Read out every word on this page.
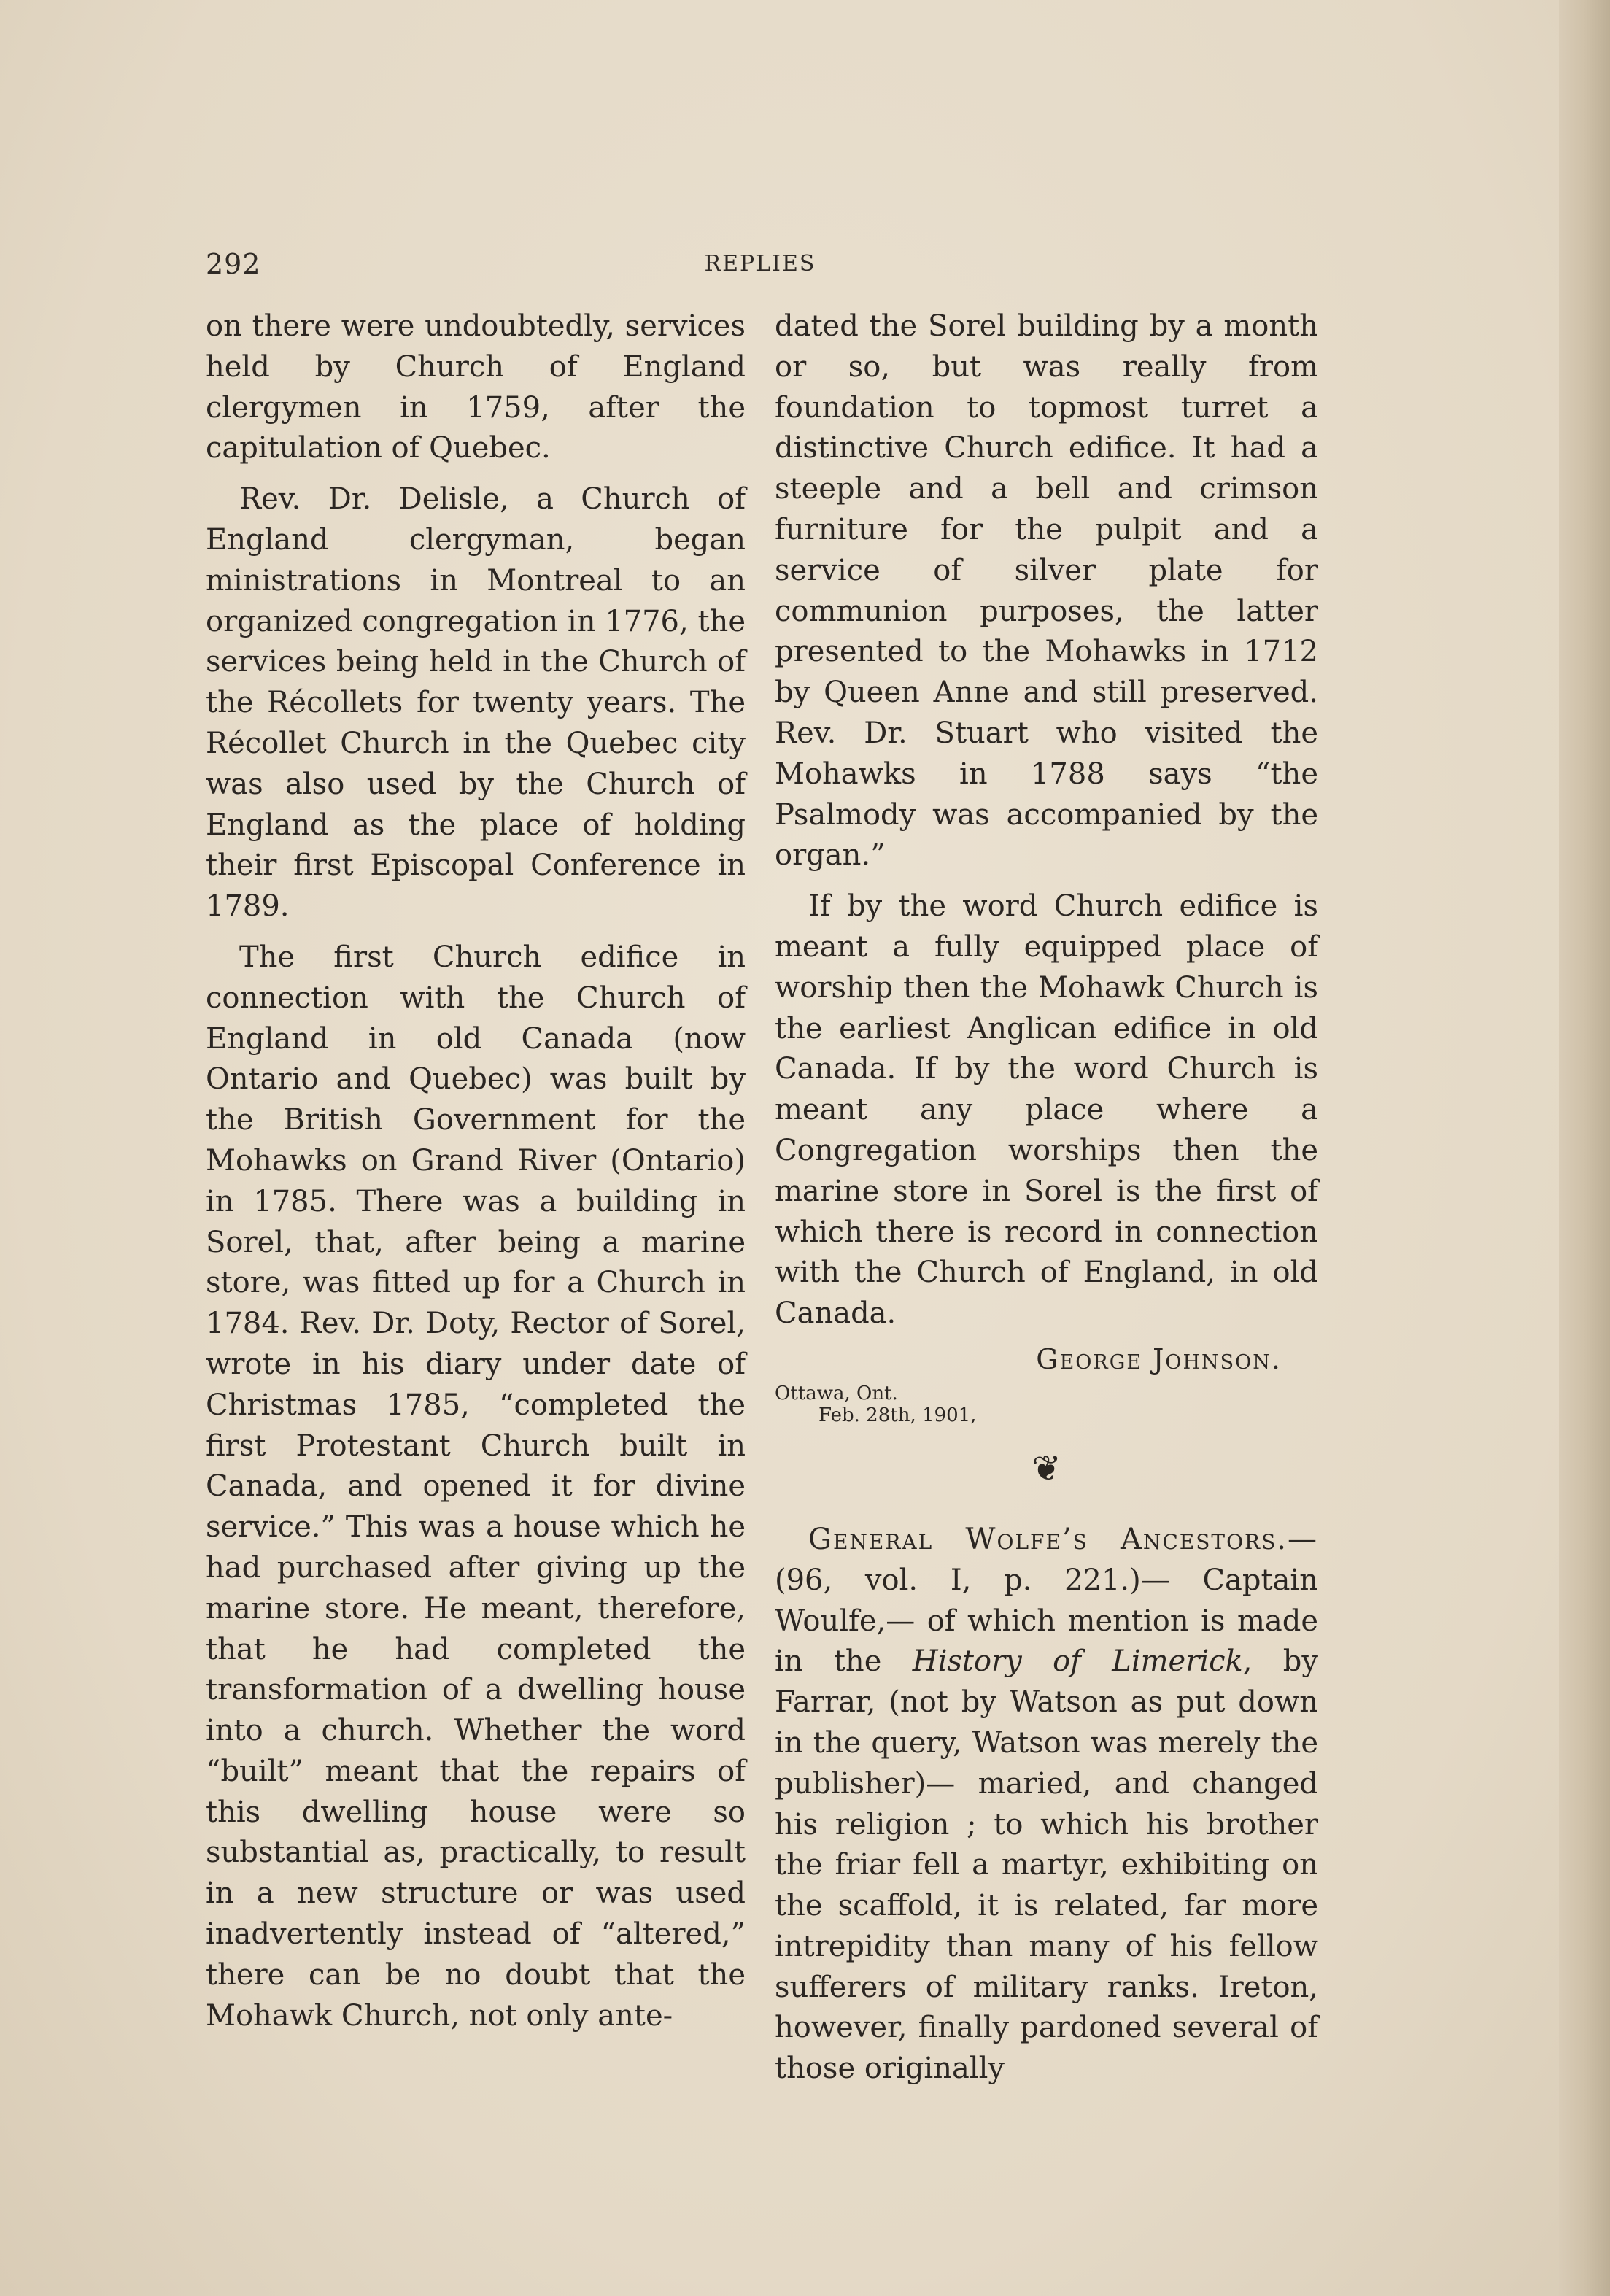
292	REPLIES

on there were undoubtedly, services held by Church of England clergymen in 1759, after the capitulation of Quebec.

Rev. Dr. Delisle, a Church of England clergyman, began ministrations in Montreal to an organized congregation in 1776, the services being held in the Church of the Récollets for twenty years. The Récollet Church in the Quebec city was also used by the Church of England as the place of holding their first Episcopal Conference in 1789.

The first Church edifice in connection with the Church of England in old Canada (now Ontario and Quebec) was built by the British Government for the Mohawks on Grand River (Ontario) in 1785. There was a building in Sorel, that, after being a marine store, was fitted up for a Church in 1784. Rev. Dr. Doty, Rector of Sorel, wrote in his diary under date of Christmas 1785, “completed the first Protestant Church built in Canada, and opened it for divine service.” This was a house which he had purchased after giving up the marine store. He meant, therefore, that he had completed the transformation of a dwelling house into a church. Whether the word “built” meant that the repairs of this dwelling house were so substantial as, practically, to result in a new structure or was used inadvertently instead of “altered,” there can be no doubt that the Mohawk Church, not only ante-

dated the Sorel building by a month or so, but was really from foundation to topmost turret a distinctive Church edifice. It had a steeple and a bell and crimson furniture for the pulpit and a service of silver plate for communion purposes, the latter presented to the Mohawks in 1712 by Queen Anne and still preserved. Rev. Dr. Stuart who visited the Mohawks in 1788 says “the Psalmody was accompanied by the organ.”

If by the word Church edifice is meant a fully equipped place of worship then the Mohawk Church is the earliest Anglican edifice in old Canada. If by the word Church is meant any place where a Congregation worships then the marine store in Sorel is the first of which there is record in connection with the Church of England, in old Canada.

George Johnson.
Ottawa, Ont.
Feb. 28th, 1901,
❦

General Wolfe’s Ancestors.—(96, vol. I, p. 221.)— Captain Woulfe,— of which mention is made in the History of Limerick, by Farrar, (not by Watson as put down in the query, Watson was merely the publisher)— maried, and changed his religion ; to which his brother the friar fell a martyr, exhibiting on the scaffold, it is related, far more intrepidity than many of his fellow sufferers of military ranks. Ireton, however, finally pardoned several of those originally
